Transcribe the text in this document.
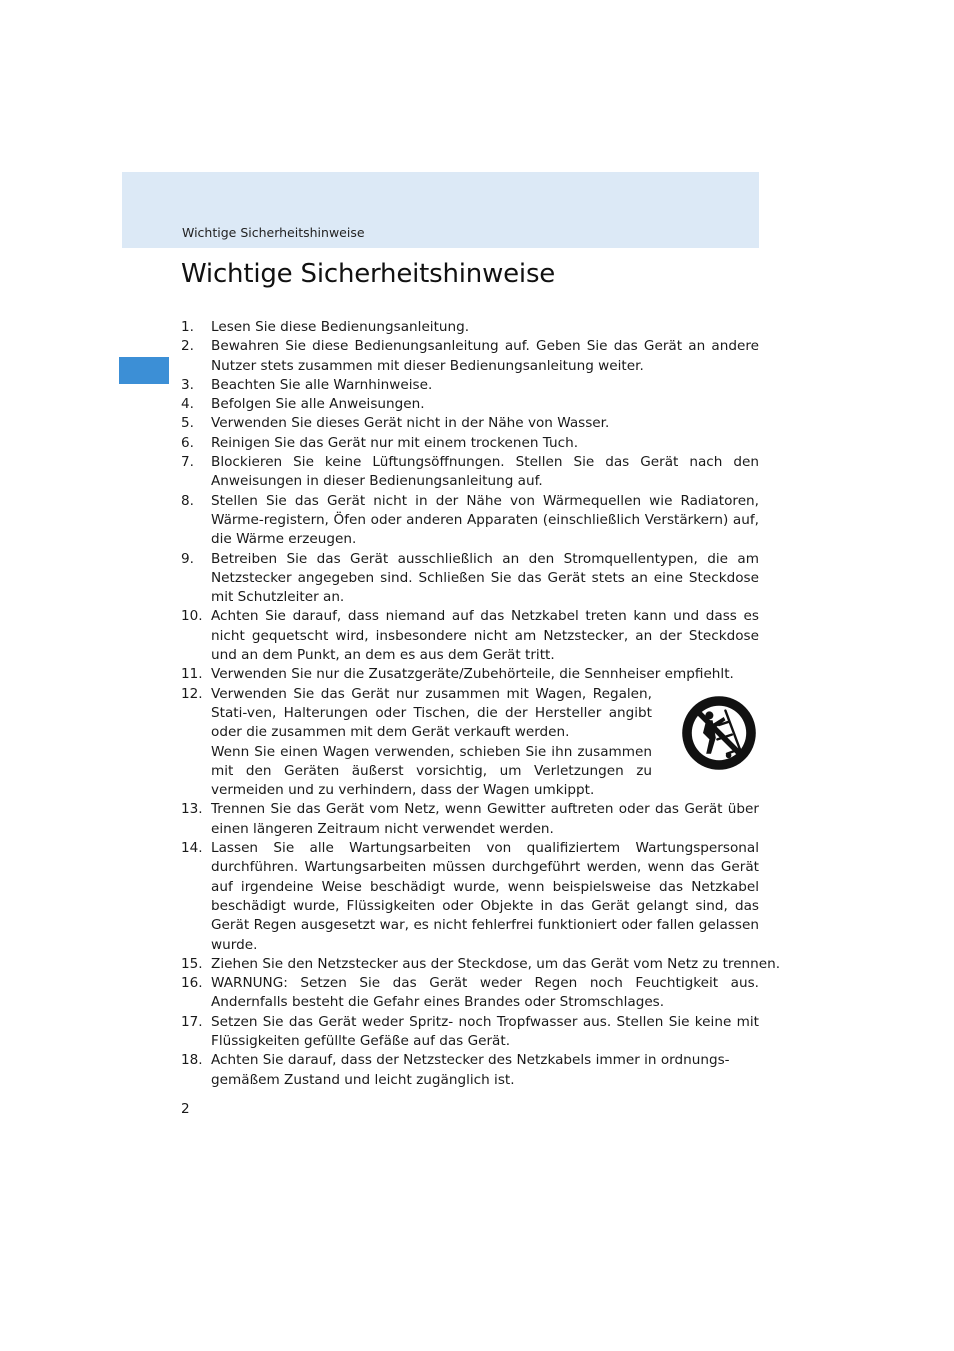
Wichtige Sicherheitshinweise
Wichtige Sicherheitshinweise
1. Lesen Sie diese Bedienungsanleitung.
2. Bewahren Sie diese Bedienungsanleitung auf. Geben Sie das Gerät an andere Nutzer stets zusammen mit dieser Bedienungsanleitung weiter.
3. Beachten Sie alle Warnhinweise.
4. Befolgen Sie alle Anweisungen.
5. Verwenden Sie dieses Gerät nicht in der Nähe von Wasser.
6. Reinigen Sie das Gerät nur mit einem trockenen Tuch.
7. Blockieren Sie keine Lüftungsöffnungen. Stellen Sie das Gerät nach den Anweisungen in dieser Bedienungsanleitung auf.
8. Stellen Sie das Gerät nicht in der Nähe von Wärmequellen wie Radiatoren, Wärme-registern, Öfen oder anderen Apparaten (einschließlich Verstärkern) auf, die Wärme erzeugen.
9. Betreiben Sie das Gerät ausschließlich an den Stromquellentypen, die am Netzstecker angegeben sind. Schließen Sie das Gerät stets an eine Steckdose mit Schutzleiter an.
10. Achten Sie darauf, dass niemand auf das Netzkabel treten kann und dass es nicht gequetscht wird, insbesondere nicht am Netzstecker, an der Steckdose und an dem Punkt, an dem es aus dem Gerät tritt.
11. Verwenden Sie nur die Zusatzgeräte/Zubehörteile, die Sennheiser empfiehlt.
12. Verwenden Sie das Gerät nur zusammen mit Wagen, Regalen, Stati-ven, Halterungen oder Tischen, die der Hersteller angibt oder die zusammen mit dem Gerät verkauft werden.
Wenn Sie einen Wagen verwenden, schieben Sie ihn zusammen mit den Geräten äußerst vorsichtig, um Verletzungen zu vermeiden und zu verhindern, dass der Wagen umkippt.
13. Trennen Sie das Gerät vom Netz, wenn Gewitter auftreten oder das Gerät über einen längeren Zeitraum nicht verwendet werden.
14. Lassen Sie alle Wartungsarbeiten von qualifiziertem Wartungspersonal durchführen. Wartungsarbeiten müssen durchgeführt werden, wenn das Gerät auf irgendeine Weise beschädigt wurde, wenn beispielsweise das Netzkabel beschädigt wurde, Flüssigkeiten oder Objekte in das Gerät gelangt sind, das Gerät Regen ausgesetzt war, es nicht fehlerfrei funktioniert oder fallen gelassen wurde.
15. Ziehen Sie den Netzstecker aus der Steckdose, um das Gerät vom Netz zu trennen.
16. WARNUNG: Setzen Sie das Gerät weder Regen noch Feuchtigkeit aus. Andernfalls besteht die Gefahr eines Brandes oder Stromschlages.
17. Setzen Sie das Gerät weder Spritz- noch Tropfwasser aus. Stellen Sie keine mit Flüssigkeiten gefüllte Gefäße auf das Gerät.
18. Achten Sie darauf, dass der Netzstecker des Netzkabels immer in ordnungs-gemäßem Zustand und leicht zugänglich ist.
2
